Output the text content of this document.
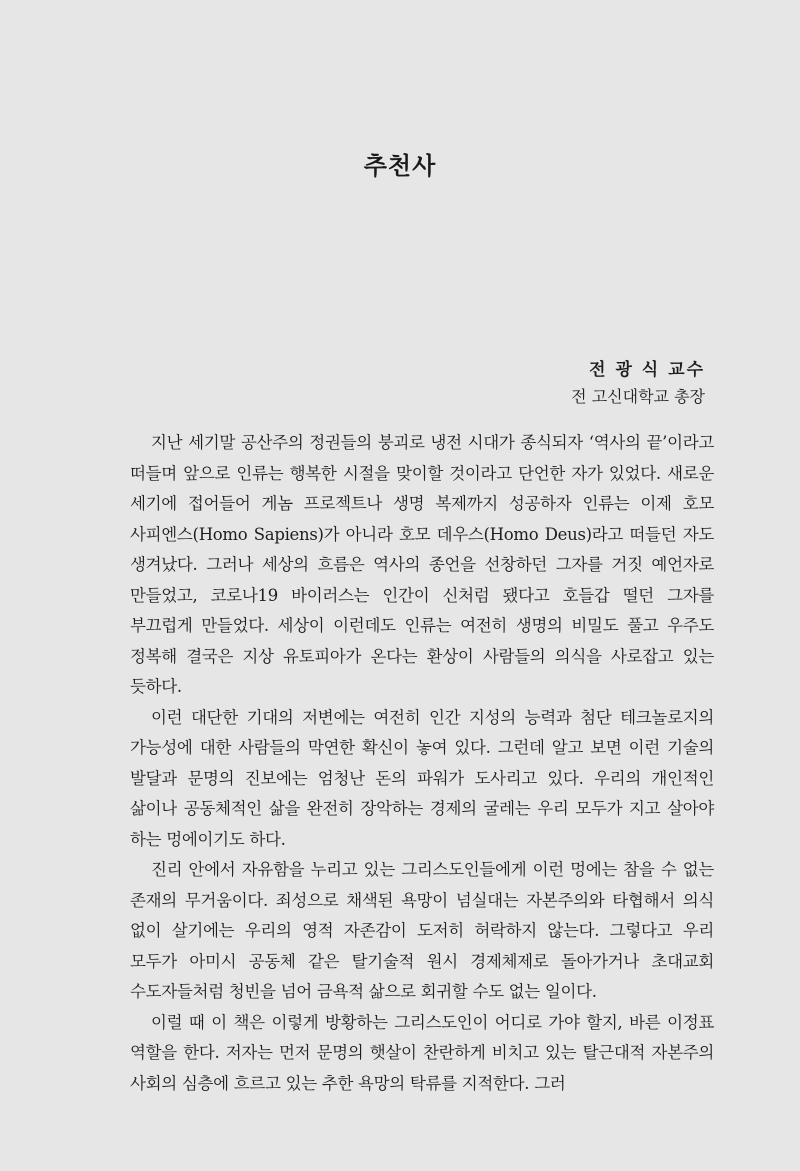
추천사
전 광 식 교수
전 고신대학교 총장

지난 세기말 공산주의 정권들의 붕괴로 냉전 시대가 종식되자 ‘역사의 끝’이라고 떠들며 앞으로 인류는 행복한 시절을 맞이할 것이라고 단언한 자가 있었다. 새로운 세기에 접어들어 게놈 프로젝트나 생명 복제까지 성공하자 인류는 이제 호모 사피엔스(Homo Sapiens)가 아니라 호모 데우스(Homo Deus)라고 떠들던 자도 생겨났다. 그러나 세상의 흐름은 역사의 종언을 선창하던 그자를 거짓 예언자로 만들었고, 코로나19 바이러스는 인간이 신처럼 됐다고 호들갑 떨던 그자를 부끄럽게 만들었다. 세상이 이런데도 인류는 여전히 생명의 비밀도 풀고 우주도 정복해 결국은 지상 유토피아가 온다는 환상이 사람들의 의식을 사로잡고 있는 듯하다.

이런 대단한 기대의 저변에는 여전히 인간 지성의 능력과 첨단 테크놀로지의 가능성에 대한 사람들의 막연한 확신이 놓여 있다. 그런데 알고 보면 이런 기술의 발달과 문명의 진보에는 엄청난 돈의 파워가 도사리고 있다. 우리의 개인적인 삶이나 공동체적인 삶을 완전히 장악하는 경제의 굴레는 우리 모두가 지고 살아야 하는 멍에이기도 하다.

진리 안에서 자유함을 누리고 있는 그리스도인들에게 이런 멍에는 참을 수 없는 존재의 무거움이다. 죄성으로 채색된 욕망이 넘실대는 자본주의와 타협해서 의식 없이 살기에는 우리의 영적 자존감이 도저히 허락하지 않는다. 그렇다고 우리 모두가 아미시 공동체 같은 탈기술적 원시 경제체제로 돌아가거나 초대교회 수도자들처럼 청빈을 넘어 금욕적 삶으로 회귀할 수도 없는 일이다.

이럴 때 이 책은 이렇게 방황하는 그리스도인이 어디로 가야 할지, 바른 이정표 역할을 한다. 저자는 먼저 문명의 햇살이 찬란하게 비치고 있는 탈근대적 자본주의 사회의 심층에 흐르고 있는 추한 욕망의 탁류를 지적한다. 그러
